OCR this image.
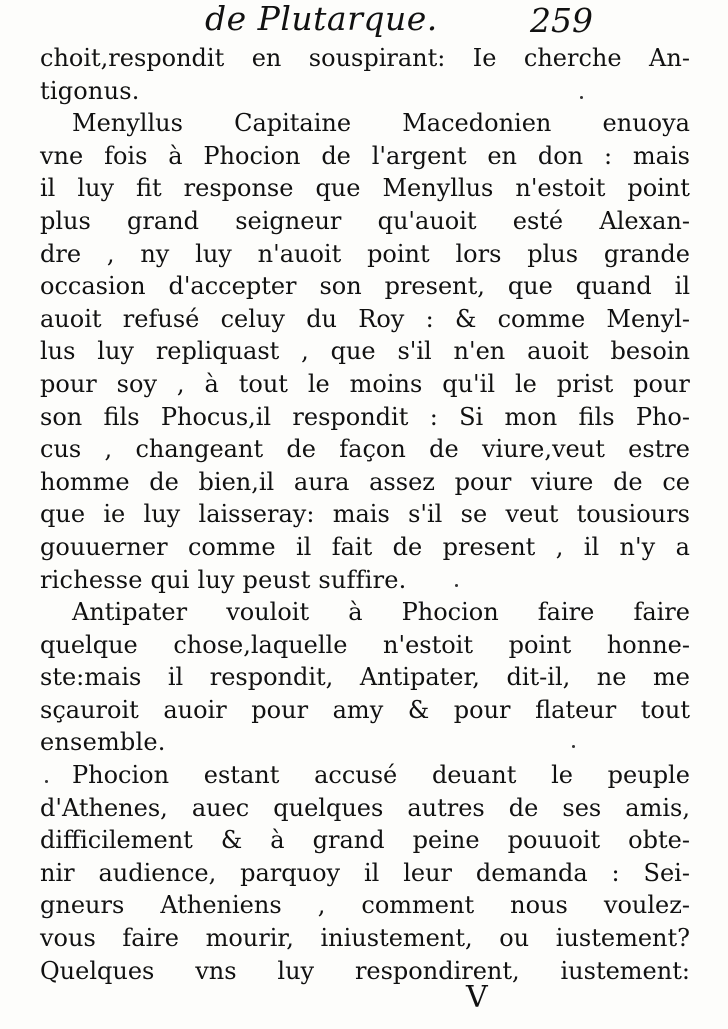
de Plutarque.	259
choit,respondit en souspirant: Ie cherche An-
tigonus.
Menyllus Capitaine Macedonien enuoya
vne fois à Phocion de l'argent en don : mais
il luy fit response que Menyllus n'estoit point
plus grand seigneur qu'auoit esté Alexan-
dre , ny luy n'auoit point lors plus grande
occasion d'accepter son present, que quand il
auoit refusé celuy du Roy : & comme Menyl-
lus luy repliquast , que s'il n'en auoit besoin
pour soy , à tout le moins qu'il le prist pour
son fils Phocus,il respondit : Si mon fils Pho-
cus , changeant de façon de viure,veut estre
homme de bien,il aura assez pour viure de ce
que ie luy laisseray: mais s'il se veut tousiours
gouuerner comme il fait de present , il n'y a
richesse qui luy peust suffire.
Antipater vouloit à Phocion faire faire
quelque chose,laquelle n'estoit point honne-
ste:mais il respondit, Antipater, dit-il, ne me
sçauroit auoir pour amy & pour flateur tout
ensemble.
Phocion estant accusé deuant le peuple
d'Athenes, auec quelques autres de ses amis,
difficilement & à grand peine pouuoit obte-
nir audience, parquoy il leur demanda : Sei-
gneurs Atheniens , comment nous voulez-
vous faire mourir, iniustement, ou iustement?
Quelques vns luy respondirent, iustement:
V
